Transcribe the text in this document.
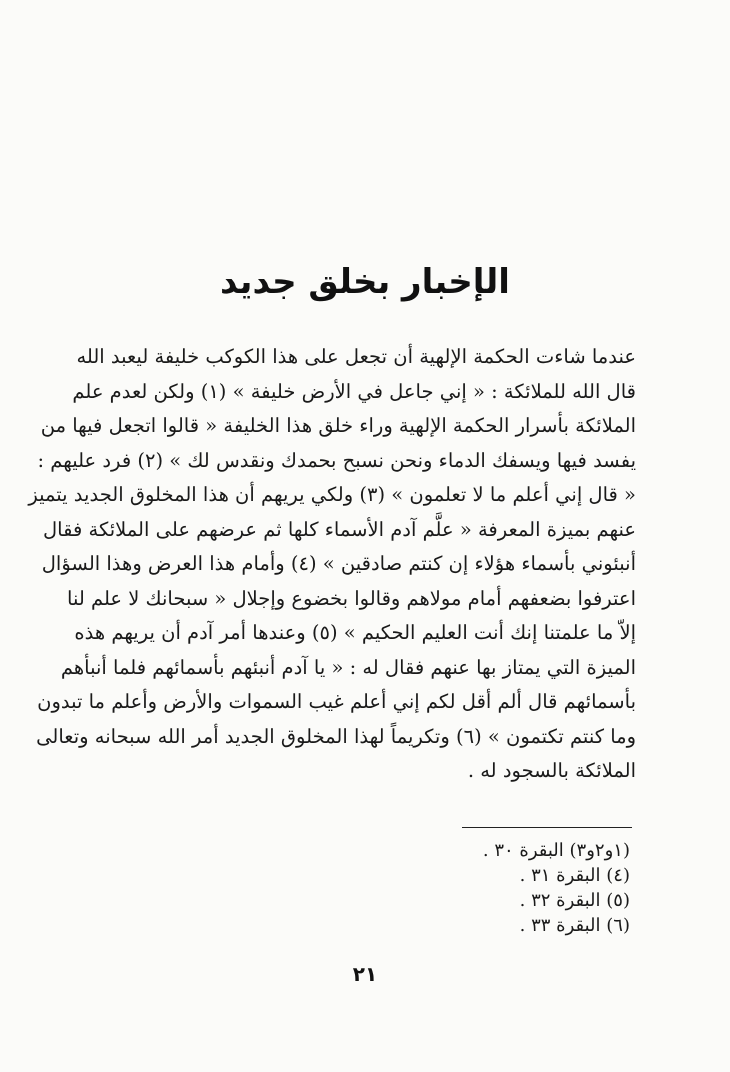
الإخبار بخلق جديد
عندما شاءت الحكمة الإلهية أن تجعل على هذا الكوكب خليفة ليعبد الله
قال الله للملائكة : « إني جاعل في الأرض خليفة » (١) ولكن لعدم علم
الملائكة بأسرار الحكمة الإلهية وراء خلق هذا الخليفة « قالوا اتجعل فيها من
يفسد فيها ويسفك الدماء ونحن نسبح بحمدك ونقدس لك » (٢) فرد عليهم :
« قال إني أعلم ما لا تعلمون » (٣) ولكي يريهم أن هذا المخلوق الجديد يتميز
عنهم بميزة المعرفة « علَّم آدم الأسماء كلها ثم عرضهم على الملائكة فقال
أنبئوني بأسماء هؤلاء إن كنتم صادقين » (٤) وأمام هذا العرض وهذا السؤال
اعترفوا بضعفهم أمام مولاهم وقالوا بخضوع وإجلال « سبحانك لا علم لنا
إلاّ ما علمتنا إنك أنت العليم الحكيم » (٥) وعندها أمر آدم أن يريهم هذه
الميزة التي يمتاز بها عنهم فقال له : « يا آدم أنبئهم بأسمائهم فلما أنبأهم
بأسمائهم قال ألم أقل لكم إني أعلم غيب السموات والأرض وأعلم ما تبدون
وما كنتم تكتمون » (٦) وتكريماً لهذا المخلوق الجديد أمر الله سبحانه وتعالى
الملائكة بالسجود له .
(١و٢و٣) البقرة ٣٠ .
(٤) البقرة ٣١ .
(٥) البقرة ٣٢ .
(٦) البقرة ٣٣ .
٢١
